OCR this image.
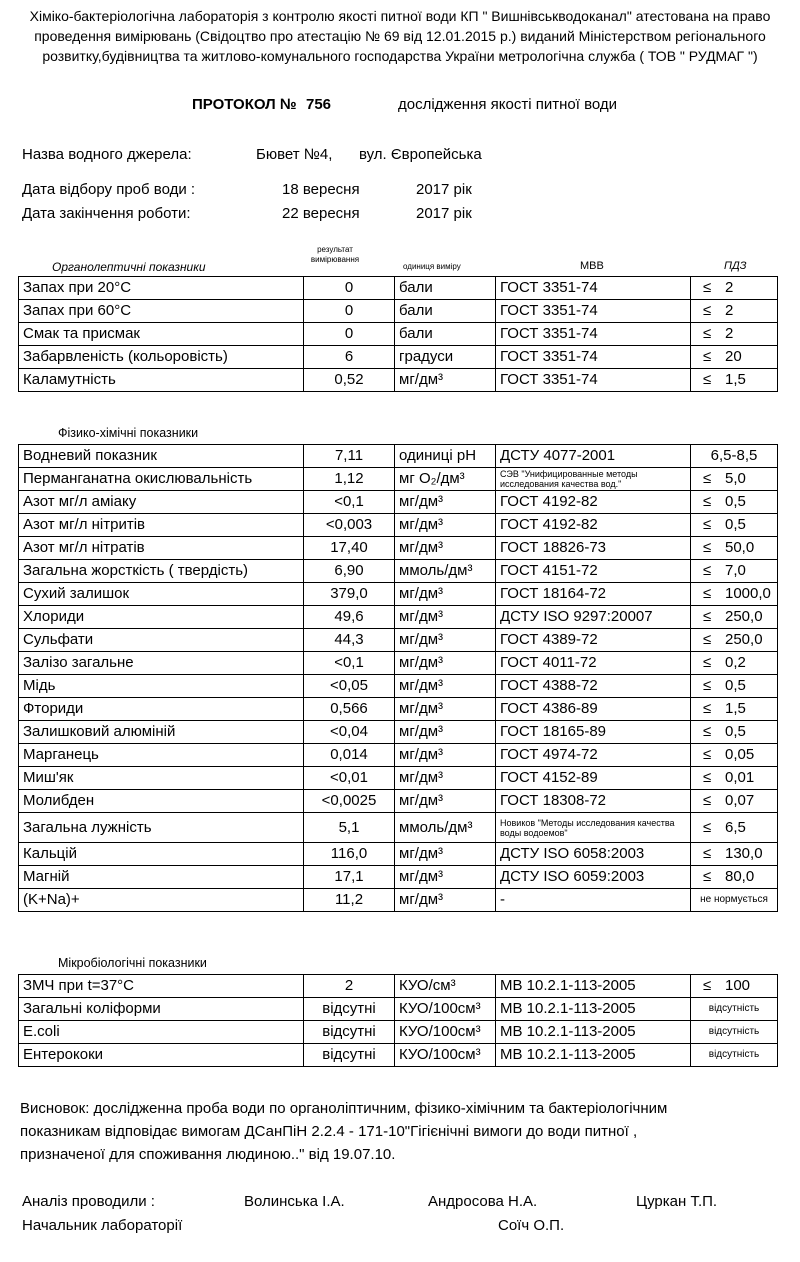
Хіміко-бактеріологічна лабораторія з контролю якості питної води КП " Вишнівськводоканал" атестована на право
проведення вимірювань (Свідоцтво про атестацію № 69 від 12.01.2015 р.) виданий Міністерством регіонального
розвитку,будівництва та житлово-комунального господарства України метрологічна служба ( ТОВ " РУДМАГ ")
ПРОТОКОЛ № 756	дослідження якості питної води
Назва водного джерела:	Бювет №4, вул. Європейська
Дата відбору проб води :	18 вересня	2017 рік
Дата закінчення роботи:	22 вересня	2017 рік
Органолептичні показники
результат вимірювання
одиниця виміру	МВВ	ПДЗ
Запах при 20°С	0	бали	ГОСТ 3351-74	≤ 2
Запах при 60°С	0	бали	ГОСТ 3351-74	≤ 2
Смак та присмак	0	бали	ГОСТ 3351-74	≤ 2
Забарвленість (кольоровість)	6	градуси	ГОСТ 3351-74	≤ 20
Каламутність	0,52	мг/дм³	ГОСТ 3351-74	≤ 1,5
Фізико-хімічні показники
Водневий показник	7,11	одиниці рН	ДСТУ 4077-2001	6,5-8,5
Перманганатна окислювальність	1,12	мг О₂/дм³	СЭВ "Унифицированные методы исследования качества вод."	≤ 5,0
Азот мг/л аміаку	<0,1	мг/дм³	ГОСТ 4192-82	≤ 0,5
Азот мг/л нітритів	<0,003	мг/дм³	ГОСТ 4192-82	≤ 0,5
Азот мг/л нітратів	17,40	мг/дм³	ГОСТ 18826-73	≤ 50,0
Загальна жорсткість ( твердість)	6,90	ммоль/дм³	ГОСТ 4151-72	≤ 7,0
Сухий залишок	379,0	мг/дм³	ГОСТ 18164-72	≤ 1000,0
Хлориди	49,6	мг/дм³	ДСТУ ISO 9297:20007	≤ 250,0
Сульфати	44,3	мг/дм³	ГОСТ 4389-72	≤ 250,0
Залізо загальне	<0,1	мг/дм³	ГОСТ 4011-72	≤ 0,2
Мідь	<0,05	мг/дм³	ГОСТ 4388-72	≤ 0,5
Фториди	0,566	мг/дм³	ГОСТ 4386-89	≤ 1,5
Залишковий алюміній	<0,04	мг/дм³	ГОСТ 18165-89	≤ 0,5
Марганець	0,014	мг/дм³	ГОСТ 4974-72	≤ 0,05
Миш'як	<0,01	мг/дм³	ГОСТ 4152-89	≤ 0,01
Молибден	<0,0025	мг/дм³	ГОСТ 18308-72	≤ 0,07
Загальна лужність	5,1	ммоль/дм³	Новиков "Методы исследования качества воды водоемов"	≤ 6,5
Кальцій	116,0	мг/дм³	ДСТУ ISO 6058:2003	≤ 130,0
Магній	17,1	мг/дм³	ДСТУ ISO 6059:2003	≤ 80,0
(K+Na)+	11,2	мг/дм³	-	не нормується
Мікробіологічні показники
ЗМЧ при t=37°С	2	КУО/см³	МВ 10.2.1-113-2005	≤ 100
Загальні коліформи	відсутні	КУО/100см³	МВ 10.2.1-113-2005	відсутність
E.coli	відсутні	КУО/100см³	МВ 10.2.1-113-2005	відсутність
Ентерококи	відсутні	КУО/100см³	МВ 10.2.1-113-2005	відсутність
Висновок: дослідженна проба води по органолiптичним, фізико-хімічним та бактеріологічним
показникам відповідає вимогам ДСанПіН 2.2.4 - 171-10"Гігієнічні вимоги до води питної ,
призначеної для споживання людиною.." від 19.07.10.
Аналіз проводили :	Волинська І.А.	Андросова Н.А.	Цуркан Т.П.
Начальник лабораторії	Соїч О.П.
